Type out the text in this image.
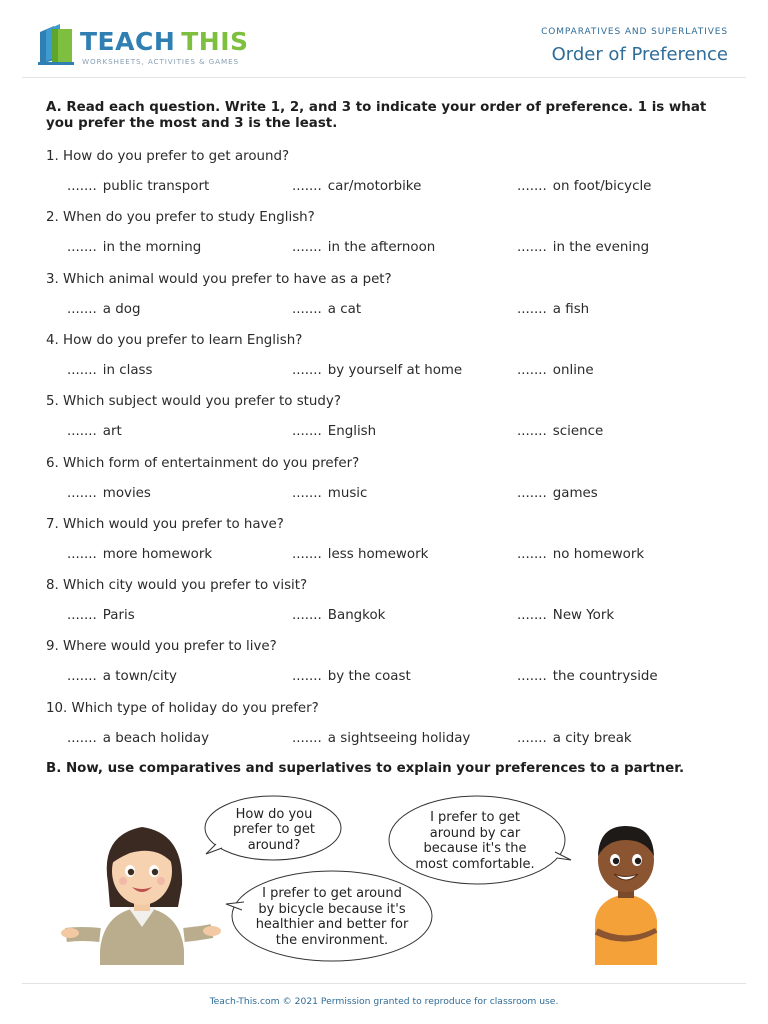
TEACH THIS
WORKSHEETS, ACTIVITIES & GAMES
COMPARATIVES AND SUPERLATIVES
Order of Preference
A. Read each question. Write 1, 2, and 3 to indicate your order of preference. 1 is what you prefer the most and 3 is the least.
1. How do you prefer to get around?
....... public transport	....... car/motorbike	....... on foot/bicycle
2. When do you prefer to study English?
....... in the morning	....... in the afternoon	....... in the evening
3. Which animal would you prefer to have as a pet?
....... a dog	....... a cat	....... a fish
4. How do you prefer to learn English?
....... in class	....... by yourself at home	....... online
5. Which subject would you prefer to study?
....... art	....... English	....... science
6. Which form of entertainment do you prefer?
....... movies	....... music	....... games
7. Which would you prefer to have?
....... more homework	....... less homework	....... no homework
8. Which city would you prefer to visit?
....... Paris	....... Bangkok	....... New York
9. Where would you prefer to live?
....... a town/city	....... by the coast	....... the countryside
10. Which type of holiday do you prefer?
....... a beach holiday	....... a sightseeing holiday	....... a city break
B. Now, use comparatives and superlatives to explain your preferences to a partner.
How do you
prefer to get
around?
I prefer to get
around by car
because it's the
most comfortable.
I prefer to get around
by bicycle because it's
healthier and better for
the environment.
Teach-This.com © 2021 Permission granted to reproduce for classroom use.
